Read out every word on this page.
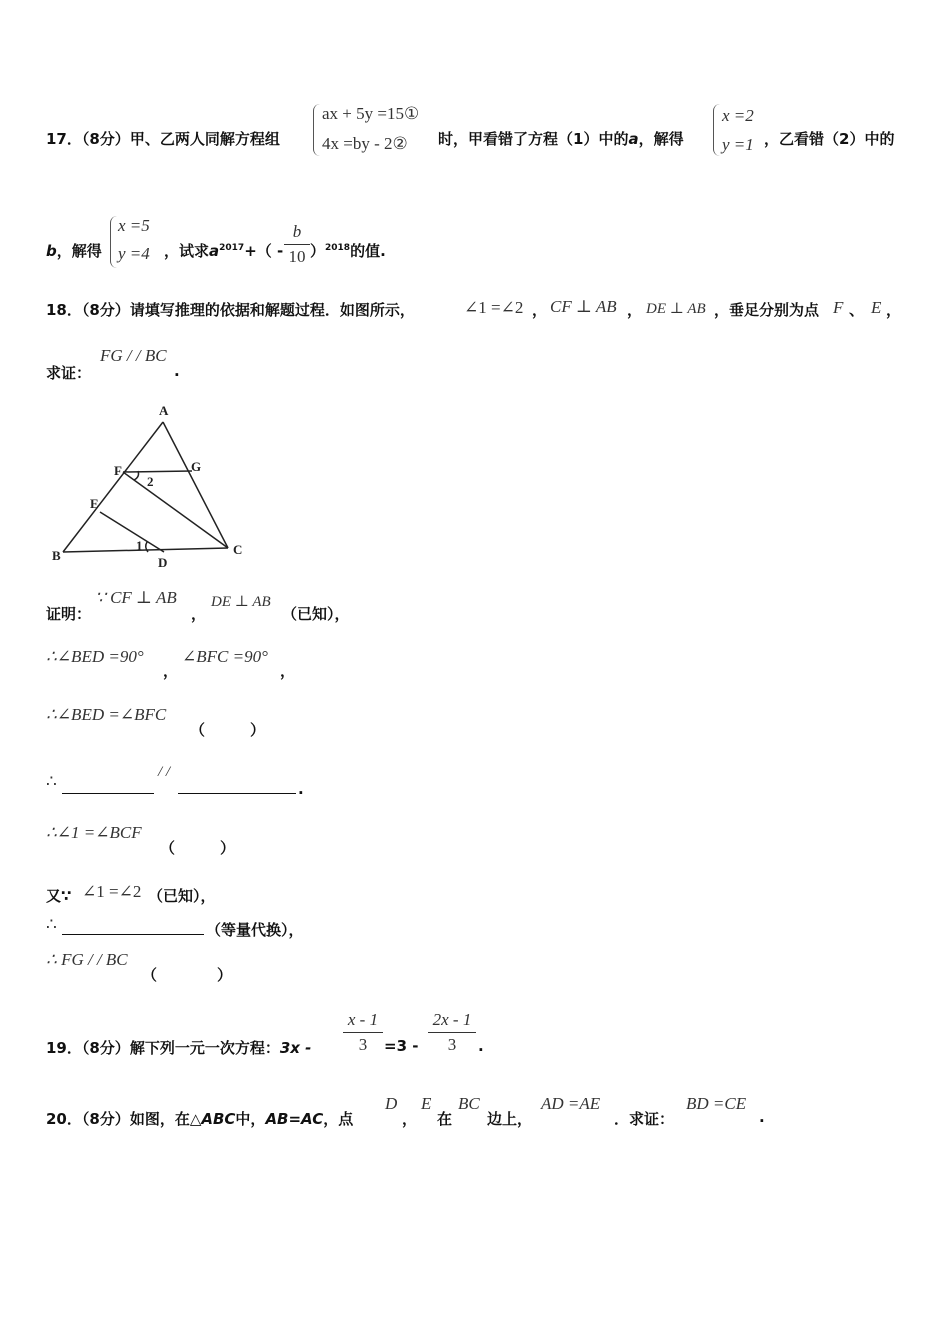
17．（8分）甲、乙两人同解方程组
ax + 5y =15①
4x =by - 2② 时，甲看错了方程（1）中的a，解得
x =2
y =1 ，乙看错（2）中的
b，解得
x =5
y =4 ，试求$a^{2017}+$（ -
b
10 ）$^{2018}$的值.
18．（8分）请填写推理的依据和解题过程．如图所示，	∠1 =∠2 ， CF ⊥ AB ， DE ⊥ AB ，垂足分别为点 F 、 E ，
求证：
FG / / BC
.
A
F	G
2
E
B
1
D
C
证明：
∵ CF ⊥ AB
，
DE ⊥ AB
（已知），
∴∠BED =90°
，
∠BFC =90°
，
∴∠BED =∠BFC
（　　　）
∴	/ /
.
∴∠1 =∠BCF
（　　　）
又∵ ∠1 =∠2 （已知），
∴	（等量代换），
∴ FG / / BC
（　　　　）
19．（8分）解下列一元一次方程：3x -
x - 1
3	=3 -
2x - 1
3	.
20．（8分）如图，在△ABC中，AB=AC，点
D
，
E
在
BC
边上，
AD =AE
．求证：
BD =CE
.
